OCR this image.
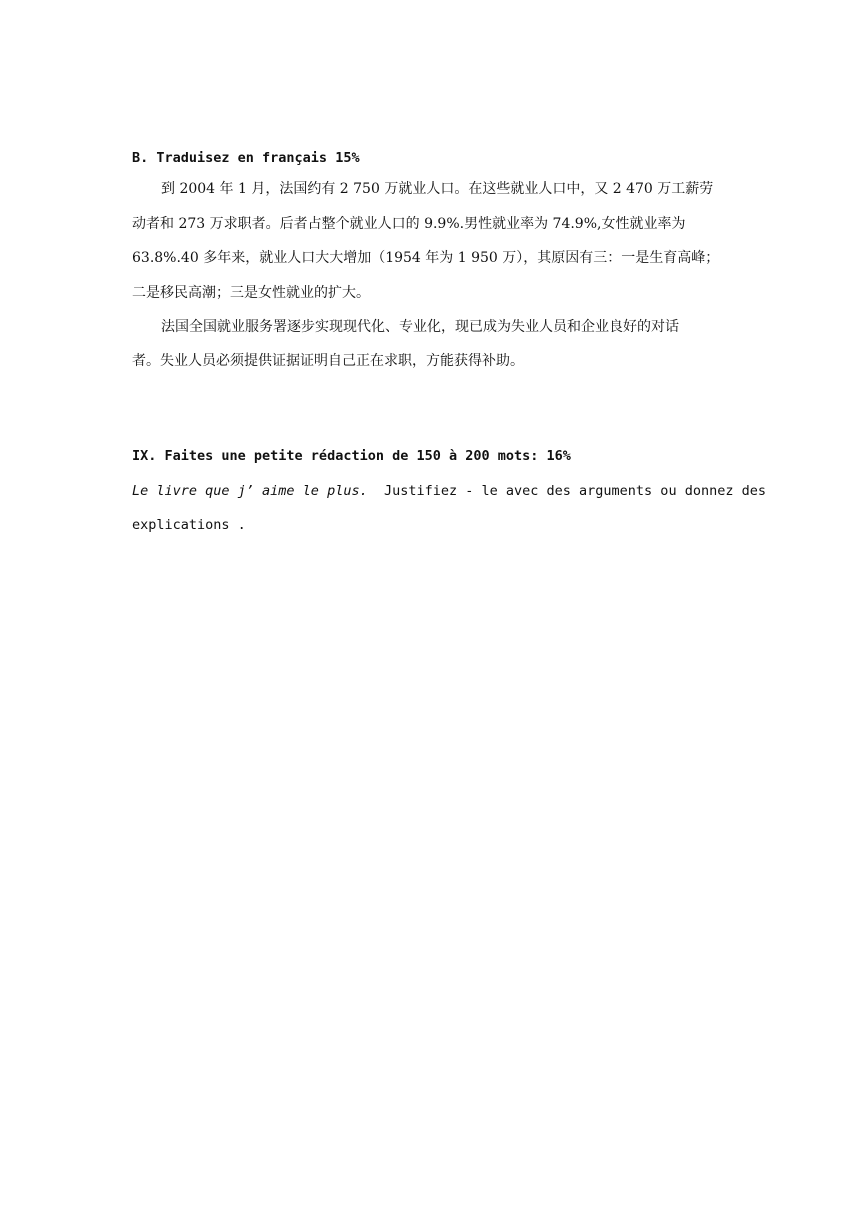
B. Traduisez en français 15%
到 2004 年 1 月，法国约有 2 750 万就业人口。在这些就业人口中，又 2 470 万工薪劳
动者和 273 万求职者。后者占整个就业人口的 9.9%.男性就业率为 74.9%,女性就业率为
63.8%.40 多年来，就业人口大大增加（1954 年为 1 950 万），其原因有三：一是生育高峰；
二是移民高潮；三是女性就业的扩大。
法国全国就业服务署逐步实现现代化、专业化，现已成为失业人员和企业良好的对话
者。失业人员必须提供证据证明自己正在求职，方能获得补助。
IX. Faites une petite rédaction de 150 à 200 mots: 16%
Le livre que j’ aime le plus. Justifiez - le avec des arguments ou donnez des
explications .
